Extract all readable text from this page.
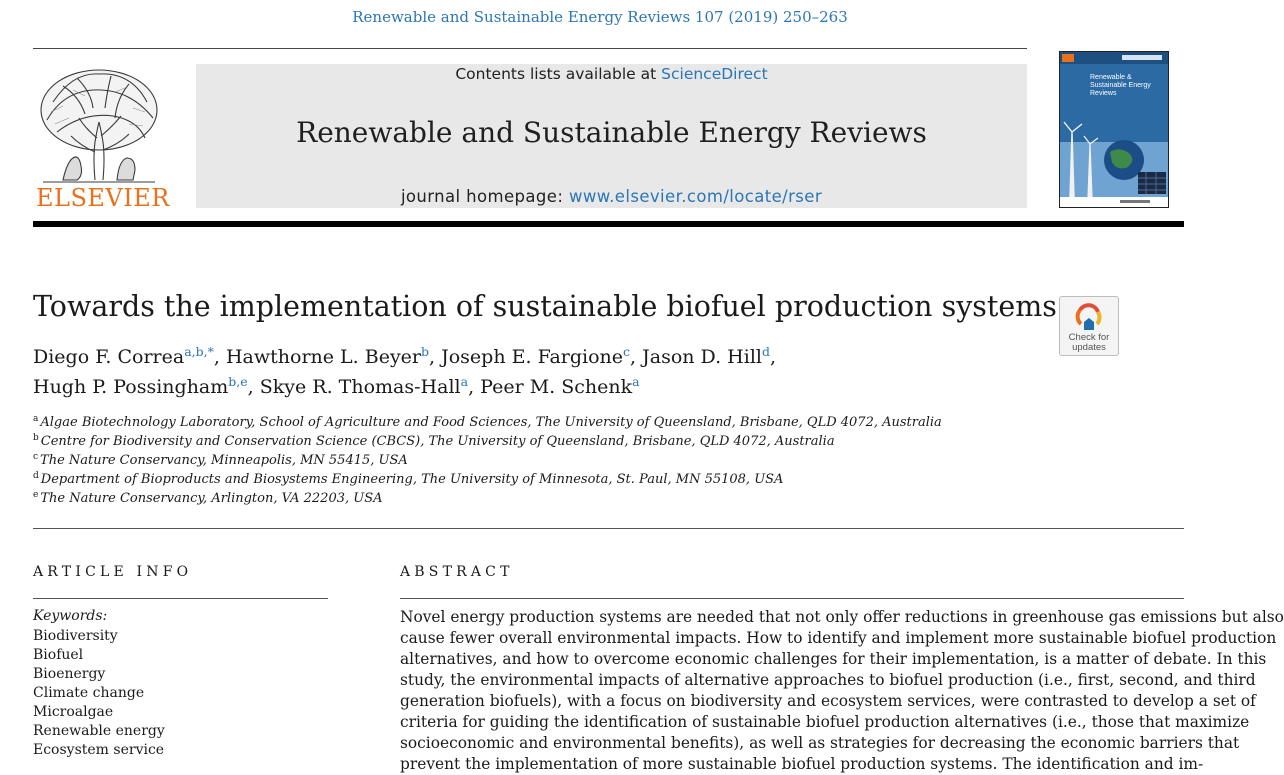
Renewable and Sustainable Energy Reviews 107 (2019) 250–263
ELSEVIER
Contents lists available at ScienceDirect
Renewable and Sustainable Energy Reviews
journal homepage: www.elsevier.com/locate/rser
Renewable & Sustainable Energy Reviews
Towards the implementation of sustainable biofuel production systems
Check for updates
Diego F. Correa$^{a,b,*}$, Hawthorne L. Beyer$^b$, Joseph E. Fargione$^c$, Jason D. Hill$^d$,
Hugh P. Possingham$^{b,e}$, Skye R. Thomas-Hall$^a$, Peer M. Schenk$^a$
$^a$ Algae Biotechnology Laboratory, School of Agriculture and Food Sciences, The University of Queensland, Brisbane, QLD 4072, Australia
$^b$ Centre for Biodiversity and Conservation Science (CBCS), The University of Queensland, Brisbane, QLD 4072, Australia
$^c$ The Nature Conservancy, Minneapolis, MN 55415, USA
$^d$ Department of Bioproducts and Biosystems Engineering, The University of Minnesota, St. Paul, MN 55108, USA
$^e$ The Nature Conservancy, Arlington, VA 22203, USA
ARTICLE INFO	ABSTRACT
Keywords:
Biodiversity
Biofuel
Bioenergy
Climate change
Microalgae
Renewable energy
Ecosystem service
Novel energy production systems are needed that not only offer reductions in greenhouse gas emissions but also
cause fewer overall environmental impacts. How to identify and implement more sustainable biofuel production
alternatives, and how to overcome economic challenges for their implementation, is a matter of debate. In this
study, the environmental impacts of alternative approaches to biofuel production (i.e., first, second, and third
generation biofuels), with a focus on biodiversity and ecosystem services, were contrasted to develop a set of
criteria for guiding the identification of sustainable biofuel production alternatives (i.e., those that maximize
socioeconomic and environmental benefits), as well as strategies for decreasing the economic barriers that
prevent the implementation of more sustainable biofuel production systems. The identification and im-
